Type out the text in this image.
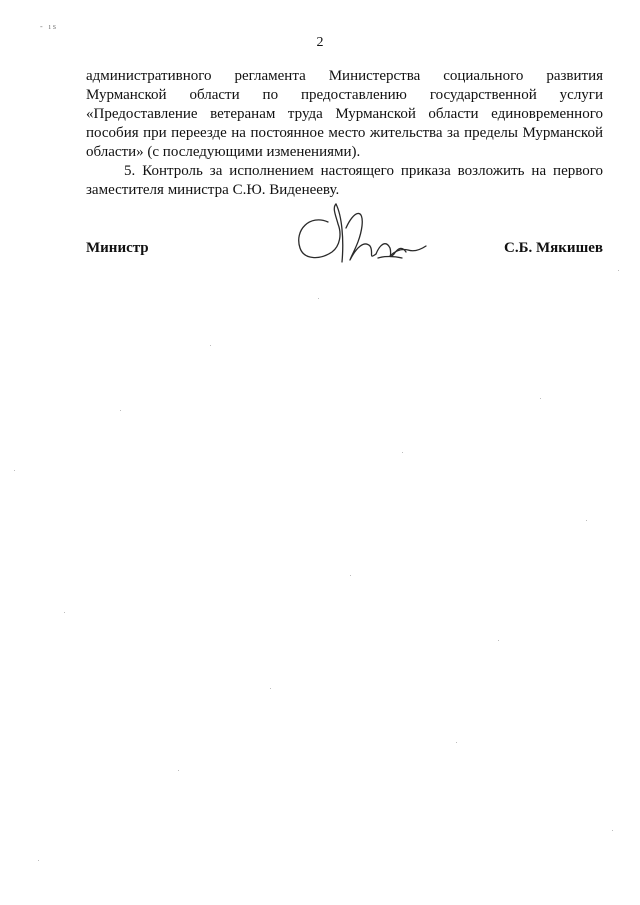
- ıs
2

административного регламента Министерства социального развития Мурманской области по предоставлению государственной услуги «Предоставление ветеранам труда Мурманской области единовременного пособия при переезде на постоянное место жительства за пределы Мурманской области» (с последующими изменениями).

5. Контроль за исполнением настоящего приказа возложить на первого заместителя министра С.Ю. Виденееву.

Министр	С.Б. Мякишев
